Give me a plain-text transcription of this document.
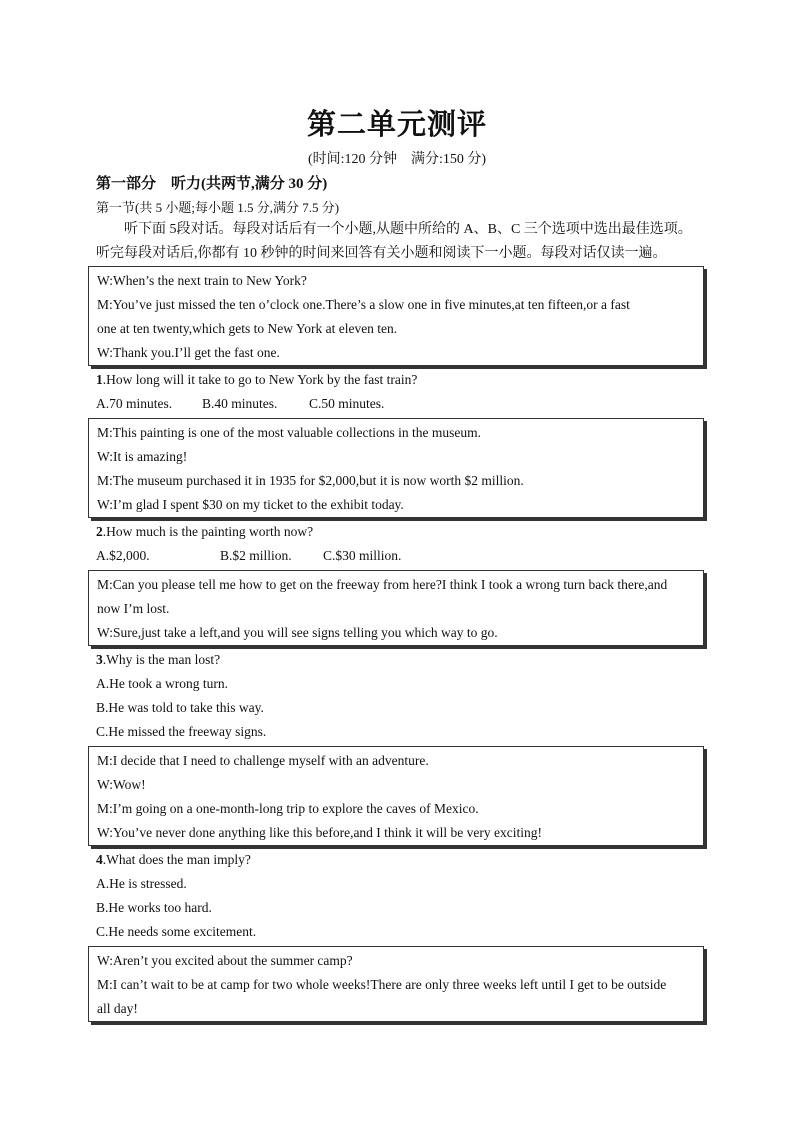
第二单元测评
(时间:120 分钟　满分:150 分)
第一部分 听力(共两节,满分 30 分)
第一节(共 5 小题;每小题 1.5 分,满分 7.5 分)

听下面 5段对话。每段对话后有一个小题,从题中所给的 A、B、C 三个选项中选出最佳选项。

听完每段对话后,你都有 10 秒钟的时间来回答有关小题和阅读下一小题。每段对话仅读一遍。

W:When’s the next train to New York?

M:You’ve just missed the ten o’clock one.There’s a slow one in five minutes,at ten fifteen,or a fast

one at ten twenty,which gets to New York at eleven ten.

W:Thank you.I’ll get the fast one.

1.How long will it take to go to New York by the fast train?

A.70 minutes. B.40 minutes. C.50 minutes.

M:This painting is one of the most valuable collections in the museum.

W:It is amazing!

M:The museum purchased it in 1935 for $2,000,but it is now worth $2 million.

W:I’m glad I spent $30 on my ticket to the exhibit today.

2.How much is the painting worth now?

A.$2,000.	B.$2 million. C.$30 million.

M:Can you please tell me how to get on the freeway from here?I think I took a wrong turn back there,and

now I’m lost.

W:Sure,just take a left,and you will see signs telling you which way to go.

3.Why is the man lost?

A.He took a wrong turn.

B.He was told to take this way.

C.He missed the freeway signs.

M:I decide that I need to challenge myself with an adventure.

W:Wow!

M:I’m going on a one-month-long trip to explore the caves of Mexico.

W:You’ve never done anything like this before,and I think it will be very exciting!

4.What does the man imply?

A.He is stressed.

B.He works too hard.

C.He needs some excitement.

W:Aren’t you excited about the summer camp?

M:I can’t wait to be at camp for two whole weeks!There are only three weeks left until I get to be outside

all day!
